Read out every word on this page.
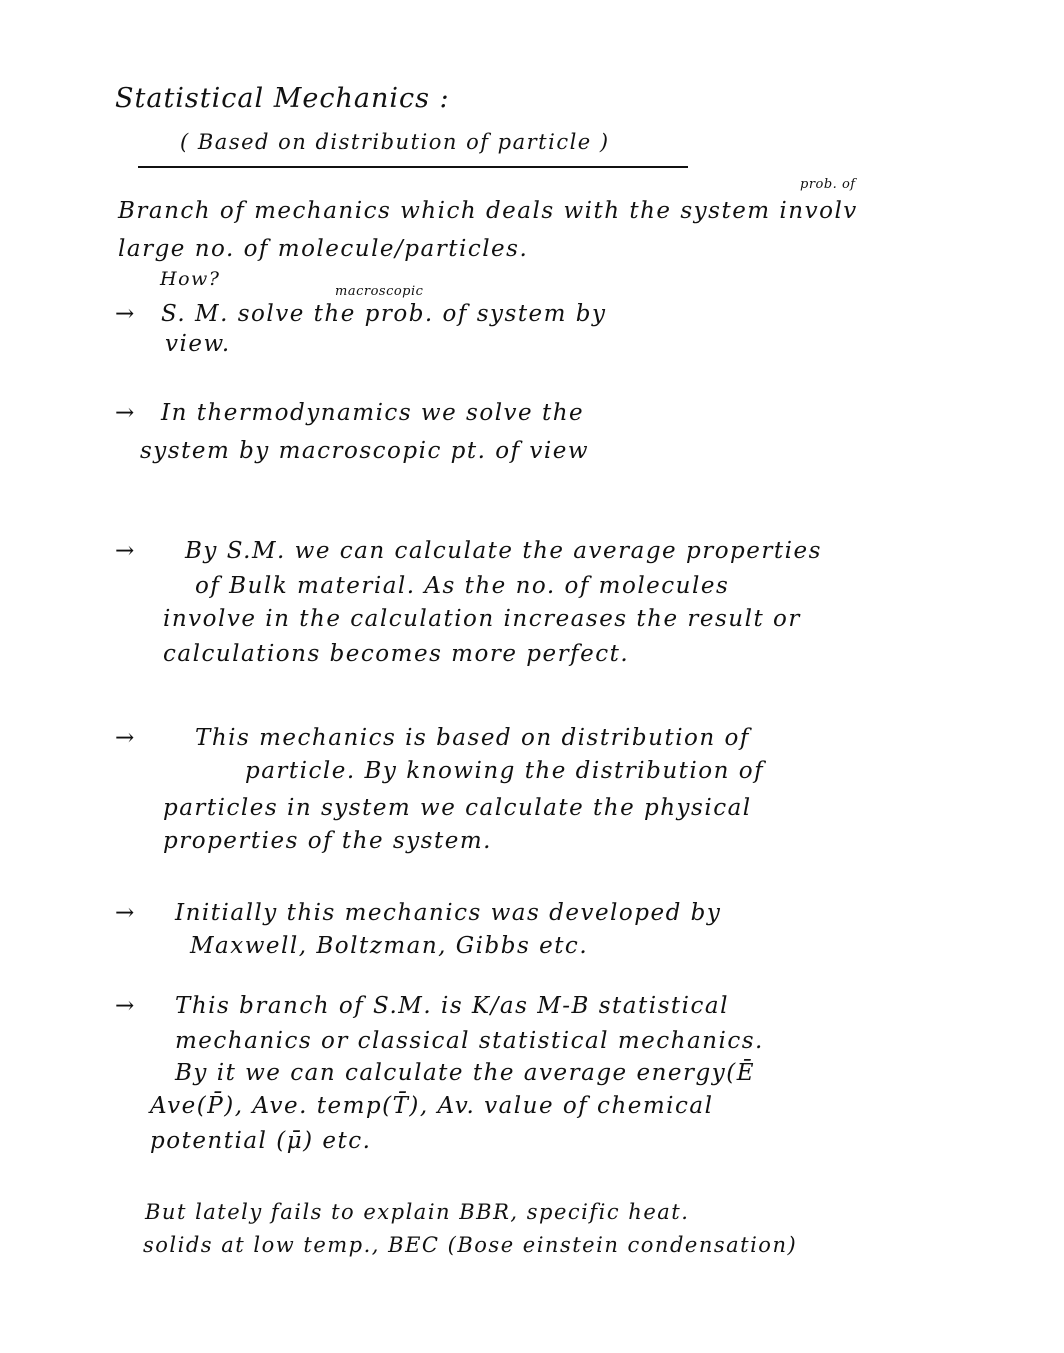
Statistical Mechanics :
( Based on distribution of particle )
prob. of
Branch of mechanics which deals with the system involv
large no. of molecule/particles.
How?
macroscopic
→ S. M. solve the prob. of system by
view.
→ In thermodynamics we solve the
system by macroscopic pt. of view
→ By S.M. we can calculate the average properties
of Bulk material. As the no. of molecules
involve in the calculation increases the result or
calculations becomes more perfect.
→	This mechanics is based on distribution of
particle. By knowing the distribution of
particles in system we calculate the physical
properties of the system.
→ Initially this mechanics was developed by
Maxwell, Boltzman, Gibbs etc.
→ This branch of S.M. is K/as M-B statistical
mechanics or classical statistical mechanics.
By it we can calculate the average energy(Ē
Ave(P̄), Ave. temp(T̄), Av. value of chemical
potential (μ̄) etc.
But lately fails to explain BBR, specific heat.
solids at low temp., BEC (Bose einstein condensation)
